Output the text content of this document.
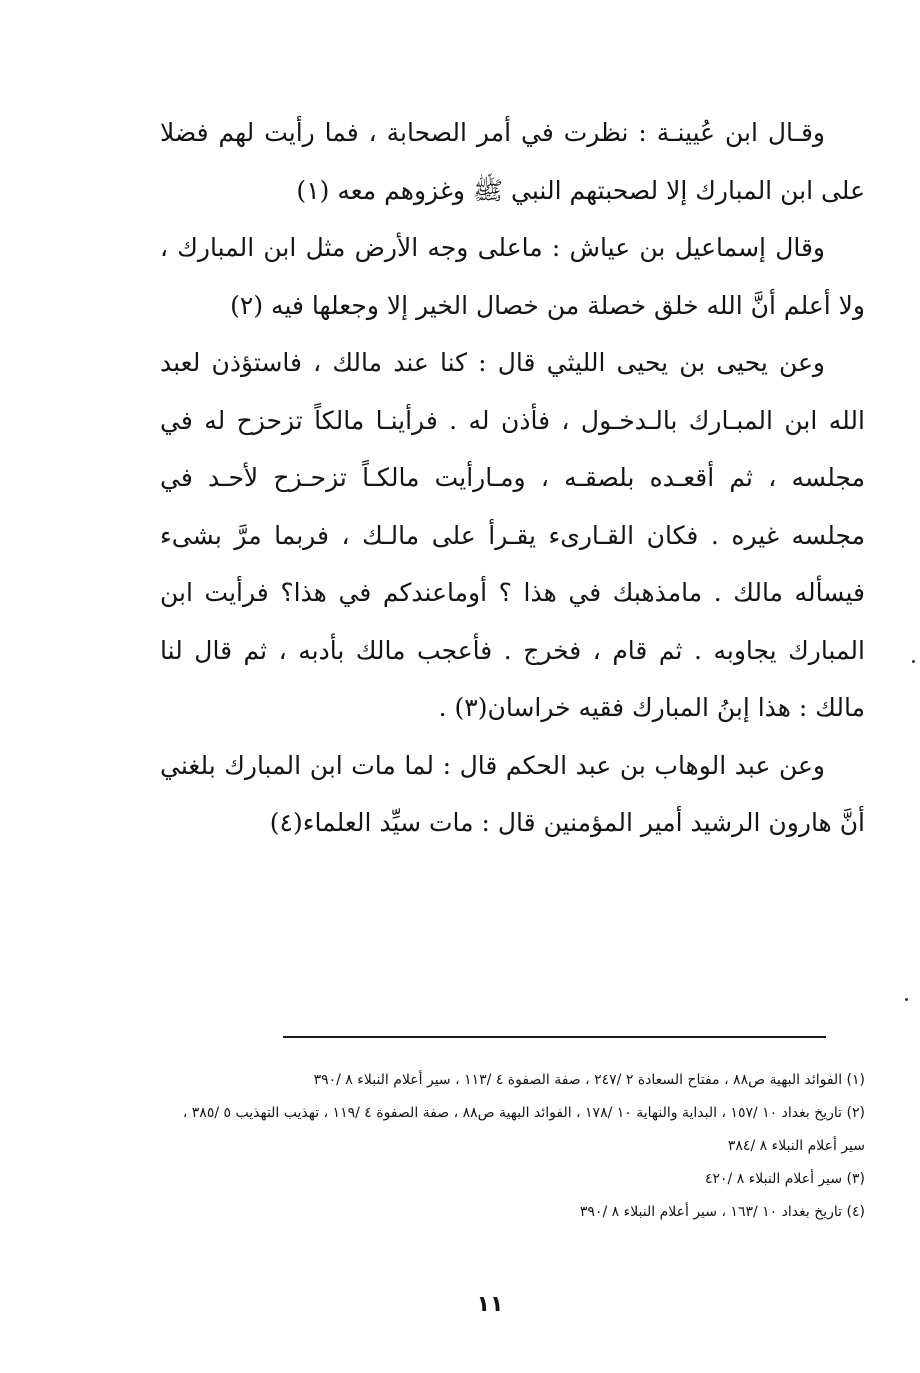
وقـال ابن عُيينـة : نظرت في أمر الصحابة ، فما رأيت لهم فضلا على ابن المبارك إلا لصحبتهم النبي ﷺ وغزوهم معه (١)

وقال إسماعيل بن عياش : ماعلى وجه الأرض مثل ابن المبارك ، ولا أعلم أنَّ الله خلق خصلة من خصال الخير إلا وجعلها فيه (٢)

وعن يحيى بن يحيى الليثي قال : كنا عند مالك ، فاستؤذن لعبد الله ابن المبـارك بالـدخـول ، فأذن له . فرأينـا مالكاً تزحزح له في مجلسه ، ثم أقعـده بلصقـه ، ومـارأيت مالكـاً تزحـزح لأحـد في مجلسه غيره . فكان القـارىء يقـرأ على مالـك ، فربما مرَّ بشىء فيسأله مالك . مامذهبك في هذا ؟ أوماعندكم في هذا؟ فرأيت ابن المبارك يجاوبه . ثم قام ، فخرج . فأعجب مالك بأدبه ، ثم قال لنا مالك : هذا إبنُ المبارك فقيه خراسان(٣) .

وعن عبد الوهاب بن عبد الحكم قال : لما مات ابن المبارك بلغني أنَّ هارون الرشيد أمير المؤمنين قال : مات سيِّد العلماء(٤)

(١) الفوائد البهية ص٨٨ ، مفتاح السعادة ٢ /٢٤٧ ، صفة الصفوة ٤ /١١٣ ، سير أعلام النبلاء ٨ /٣٩٠

(٢) تاريخ بغداد ١٠ /١٥٧ ، البداية والنهاية ١٠ /١٧٨ ، الفوائد البهية ص٨٨ ، صفة الصفوة ٤ /١١٩ ، تهذيب التهذيب ٥ /٣٨٥ ، سير أعلام النبلاء ٨ /٣٨٤

(٣) سير أعلام النبلاء ٨ /٤٢٠

(٤) تاريخ بغداد ١٠ /١٦٣ ، سير أعلام النبلاء ٨ /٣٩٠

١١
